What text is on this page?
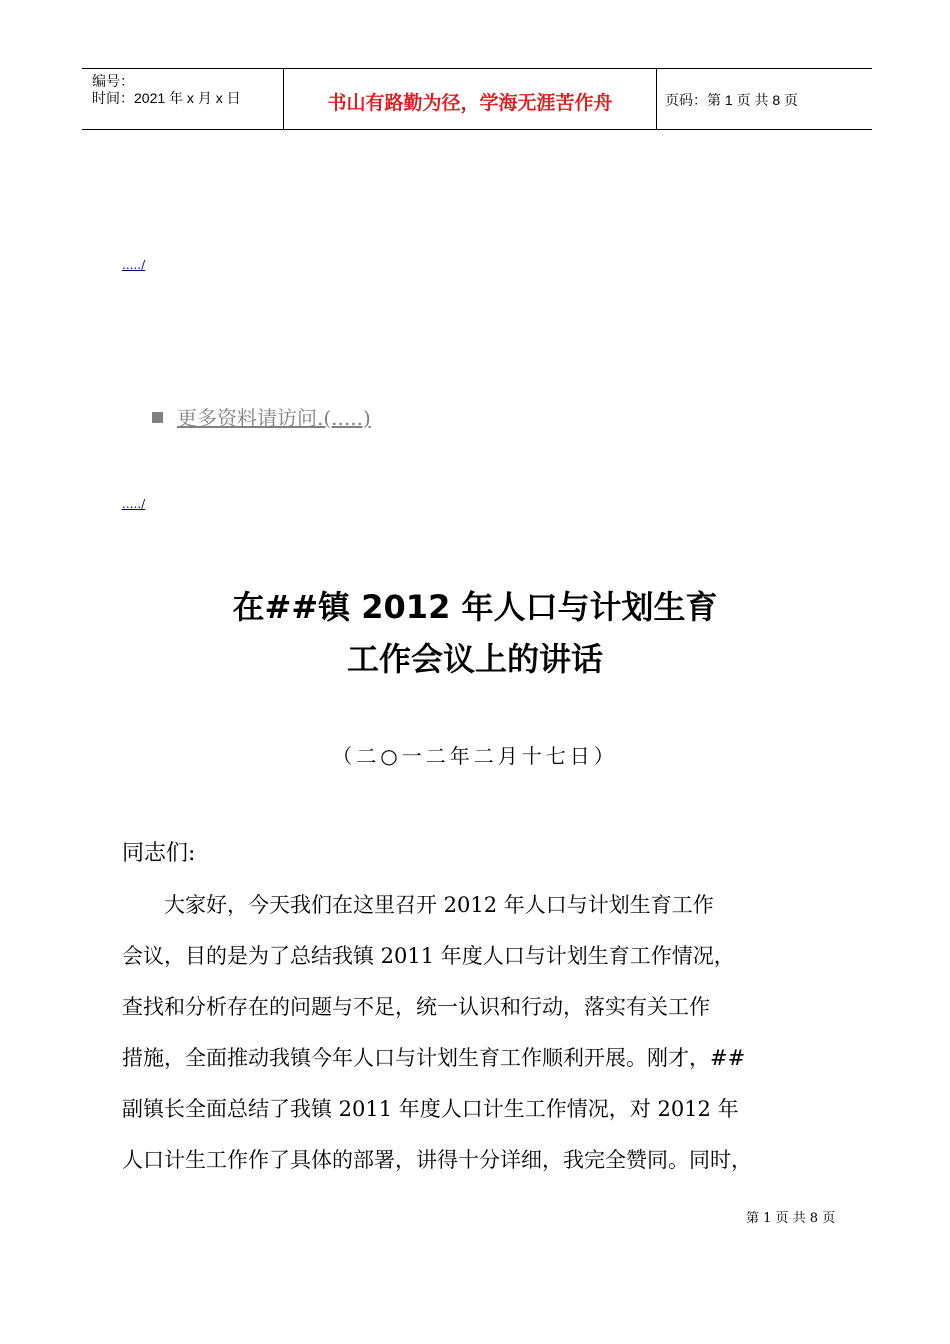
编号：
时间：2021 年 x 月 x 日	书山有路勤为径，学海无涯苦作舟	页码：第 1 页 共 8 页
...../
更多资料请访问.(.....)
...../
在##镇 2012 年人口与计划生育
工作会议上的讲话
（二○一二年二月十七日）
同志们:
　　大家好，今天我们在这里召开 2012 年人口与计划生育工作
会议，目的是为了总结我镇 2011 年度人口与计划生育工作情况，
查找和分析存在的问题与不足，统一认识和行动，落实有关工作
措施，全面推动我镇今年人口与计划生育工作顺利开展。刚才，##
副镇长全面总结了我镇 2011 年度人口计生工作情况，对 2012 年
人口计生工作作了具体的部署，讲得十分详细，我完全赞同。同时，
第 1 页 共 8 页
